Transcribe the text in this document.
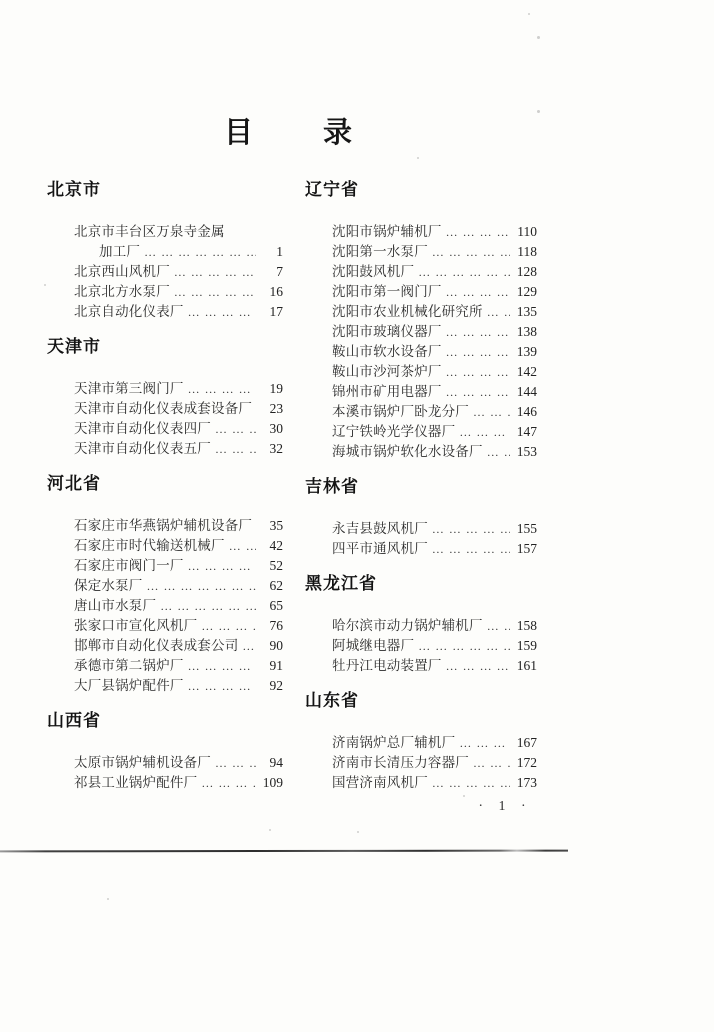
目 录
北京市
北京市丰台区万泉寺金属
加工厂 … … … … … … … … … … … … … … … …	1
北京西山风机厂 … … … … … … … … … … … … … … … …	7
北京北方水泵厂 … … … … … … … … … … … … … … … …	16
北京自动化仪表厂 … … … … … … … … … … … … … … … …	17
天津市
天津市第三阀门厂 … … … … … … … … … … … … … … … …	19
天津市自动化仪表成套设备厂	23
天津市自动化仪表四厂 … … … … … … … … … … … … … … … …	30
天津市自动化仪表五厂 … … … … … … … … … … … … … … … …	32
河北省
石家庄市华燕锅炉辅机设备厂	35
石家庄市时代输送机械厂 … … … … … … … … … … … … … … … …	42
石家庄市阀门一厂 … … … … … … … … … … … … … … … …	52
保定水泵厂 … … … … … … … … … … … … … … … …	62
唐山市水泵厂 … … … … … … … … … … … … … … … …	65
张家口市宣化风机厂 … … … … … … … … … … … … … … … …	76
邯郸市自动化仪表成套公司 … … … … … … … … … … … … … … … …	90
承德市第二锅炉厂 … … … … … … … … … … … … … … … …	91
大厂县锅炉配件厂 … … … … … … … … … … … … … … … …	92
山西省
太原市锅炉辅机设备厂 … … … … … … … … … … … … … … … …	94
祁县工业锅炉配件厂 … … … … … … … … … … … … … … … …	109
辽宁省
沈阳市锅炉辅机厂 … … … … … … … … … … … … … … … …	110
沈阳第一水泵厂 … … … … … … … … … … … … … … … …	118
沈阳鼓风机厂 … … … … … … … … … … … … … … … …	128
沈阳市第一阀门厂 … … … … … … … … … … … … … … … …	129
沈阳市农业机械化研究所 … … … … … … … … … … … … … … … …	135
沈阳市玻璃仪器厂 … … … … … … … … … … … … … … … …	138
鞍山市软水设备厂 … … … … … … … … … … … … … … … …	139
鞍山市沙河茶炉厂 … … … … … … … … … … … … … … … …	142
锦州市矿用电器厂 … … … … … … … … … … … … … … … …	144
本溪市锅炉厂卧龙分厂 … … … … … … … … … … … … … … … …	146
辽宁铁岭光学仪器厂 … … … … … … … … … … … … … … … …	147
海城市锅炉软化水设备厂 … … … … … … … … … … … … … … … …	153
吉林省
永吉县鼓风机厂 … … … … … … … … … … … … … … … …	155
四平市通风机厂 … … … … … … … … … … … … … … … …	157
黑龙江省
哈尔滨市动力锅炉辅机厂 … … … … … … … … … … … … … … … …	158
阿城继电器厂 … … … … … … … … … … … … … … … …	159
牡丹江电动装置厂 … … … … … … … … … … … … … … … …	161
山东省
济南锅炉总厂辅机厂 … … … … … … … … … … … … … … … …	167
济南市长清压力容器厂 … … … … … … … … … … … … … … … …	172
国营济南风机厂 … … … … … … … … … … … … … … … …	173
· 1 ·
